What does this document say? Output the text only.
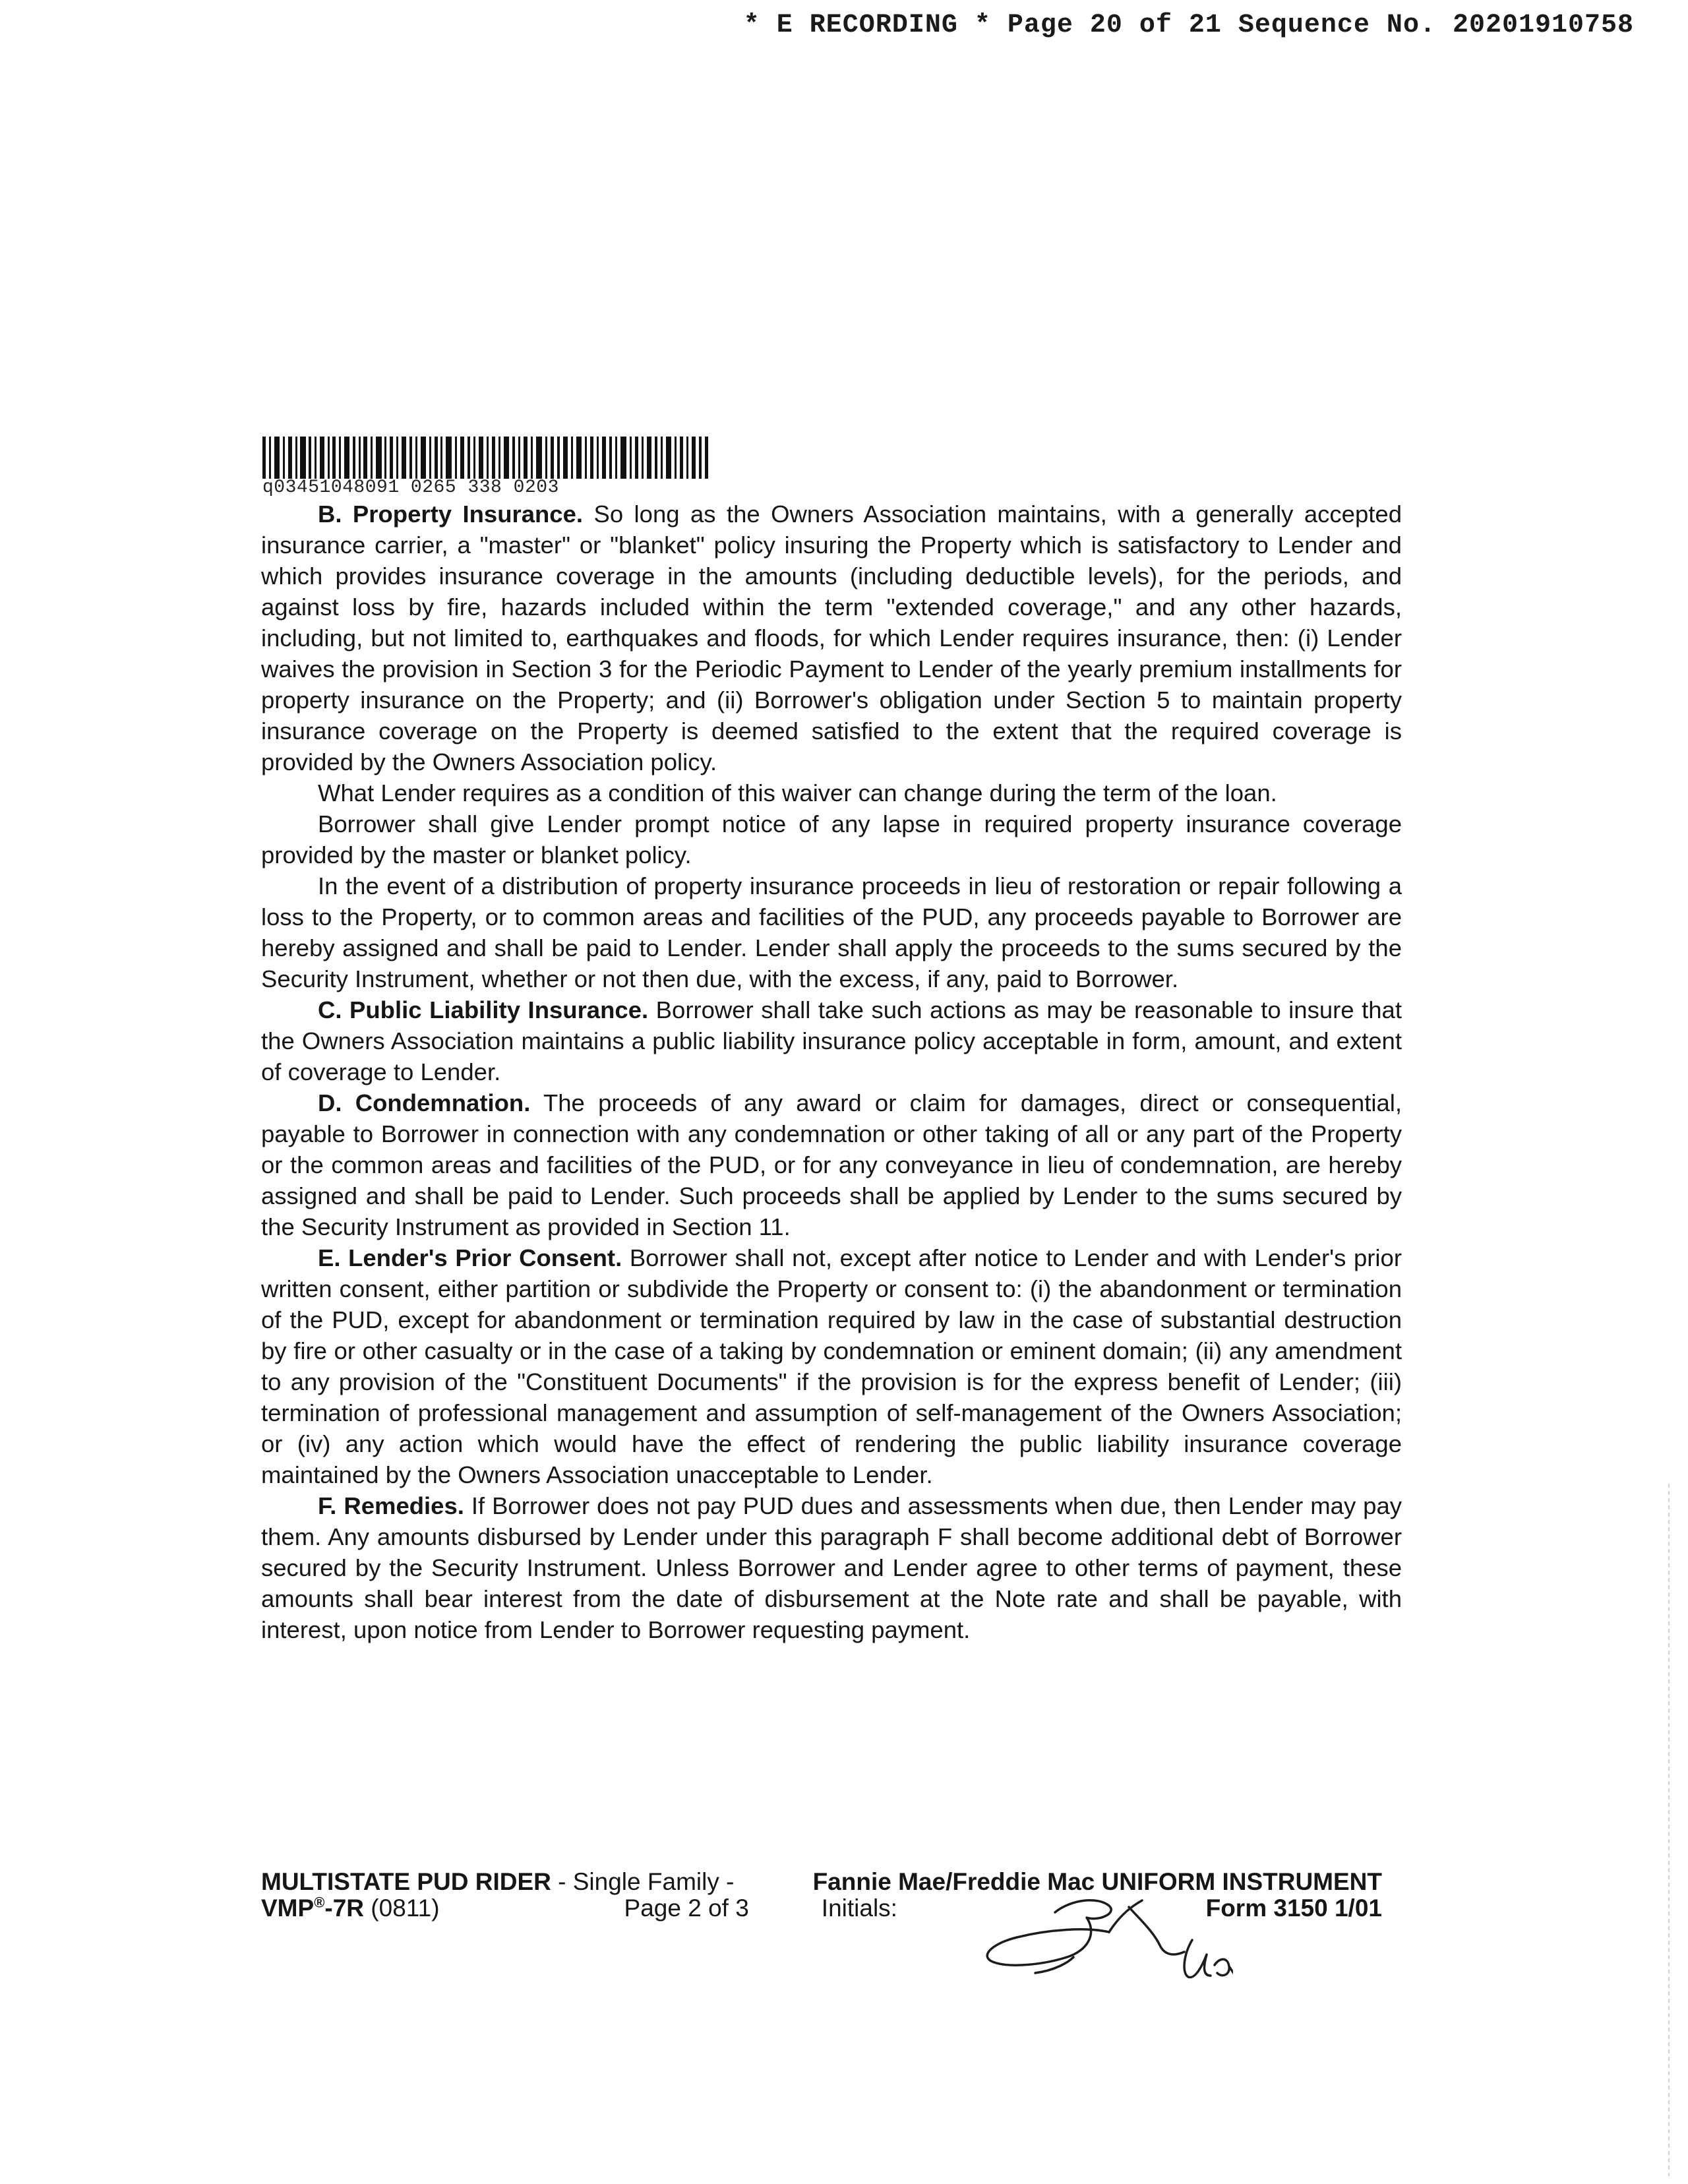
* E RECORDING * Page 20 of 21 Sequence No. 20201910758
q03451048091 0265 338 0203

B. Property Insurance. So long as the Owners Association maintains, with a generally accepted insurance carrier, a "master" or "blanket" policy insuring the Property which is satisfactory to Lender and which provides insurance coverage in the amounts (including deductible levels), for the periods, and against loss by fire, hazards included within the term "extended coverage," and any other hazards, including, but not limited to, earthquakes and floods, for which Lender requires insurance, then: (i) Lender waives the provision in Section 3 for the Periodic Payment to Lender of the yearly premium installments for property insurance on the Property; and (ii) Borrower's obligation under Section 5 to maintain property insurance coverage on the Property is deemed satisfied to the extent that the required coverage is provided by the Owners Association policy.

What Lender requires as a condition of this waiver can change during the term of the loan.

Borrower shall give Lender prompt notice of any lapse in required property insurance coverage provided by the master or blanket policy.

In the event of a distribution of property insurance proceeds in lieu of restoration or repair following a loss to the Property, or to common areas and facilities of the PUD, any proceeds payable to Borrower are hereby assigned and shall be paid to Lender. Lender shall apply the proceeds to the sums secured by the Security Instrument, whether or not then due, with the excess, if any, paid to Borrower.

C. Public Liability Insurance. Borrower shall take such actions as may be reasonable to insure that the Owners Association maintains a public liability insurance policy acceptable in form, amount, and extent of coverage to Lender.

D. Condemnation. The proceeds of any award or claim for damages, direct or consequential, payable to Borrower in connection with any condemnation or other taking of all or any part of the Property or the common areas and facilities of the PUD, or for any conveyance in lieu of condemnation, are hereby assigned and shall be paid to Lender. Such proceeds shall be applied by Lender to the sums secured by the Security Instrument as provided in Section 11.

E. Lender's Prior Consent. Borrower shall not, except after notice to Lender and with Lender's prior written consent, either partition or subdivide the Property or consent to: (i) the abandonment or termination of the PUD, except for abandonment or termination required by law in the case of substantial destruction by fire or other casualty or in the case of a taking by condemnation or eminent domain; (ii) any amendment to any provision of the "Constituent Documents" if the provision is for the express benefit of Lender; (iii) termination of professional management and assumption of self-management of the Owners Association; or (iv) any action which would have the effect of rendering the public liability insurance coverage maintained by the Owners Association unacceptable to Lender.

F. Remedies. If Borrower does not pay PUD dues and assessments when due, then Lender may pay them. Any amounts disbursed by Lender under this paragraph F shall become additional debt of Borrower secured by the Security Instrument. Unless Borrower and Lender agree to other terms of payment, these amounts shall bear interest from the date of disbursement at the Note rate and shall be payable, with interest, upon notice from Lender to Borrower requesting payment.

MULTISTATE PUD RIDER - Single Family -	Fannie Mae/Freddie Mac UNIFORM INSTRUMENT
VMP®-7R (0811)	Page 2 of 3	Initials:	Form 3150 1/01
da
